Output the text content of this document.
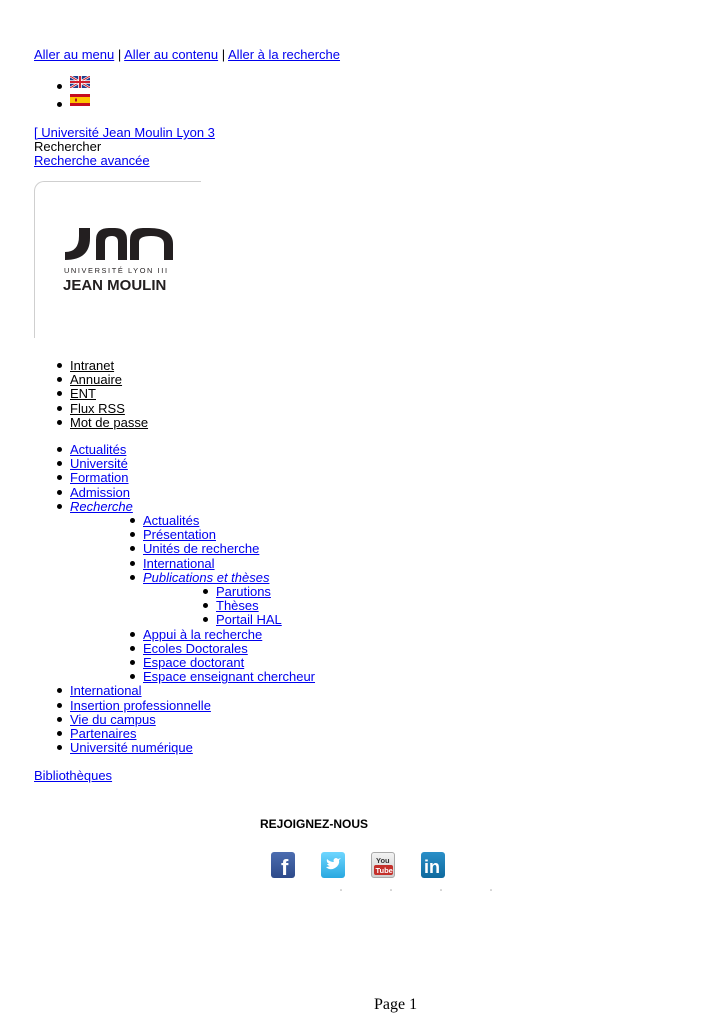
Aller au menu | Aller au contenu | Aller à la recherche
[ Université Jean Moulin Lyon 3
Rechercher
Recherche avancée
UNIVERSITÉ LYON III
JEAN MOULIN
Intranet
Annuaire
ENT
Flux RSS
Mot de passe
Actualités
Université
Formation
Admission
Recherche
Actualités
Présentation
Unités de recherche
International
Publications et thèses
Parutions
Thèses
Portail HAL
Appui à la recherche
Ecoles Doctorales
Espace doctorant
Espace enseignant chercheur
International
Insertion professionnelle
Vie du campus
Partenaires
Université numérique
Bibliothèques
REJOIGNEZ-NOUS
f	You
Tube in
Page 1
